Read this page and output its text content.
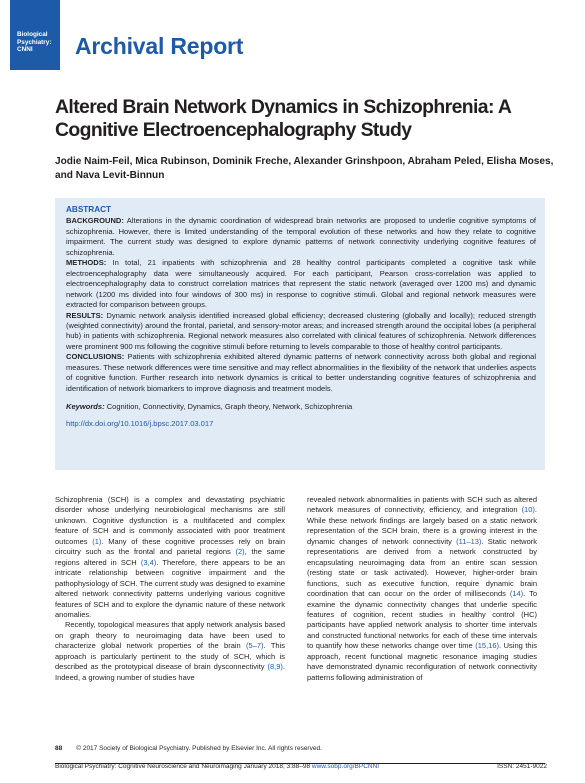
Biological
Psychiatry:
CNNI	Archival Report
Altered Brain Network Dynamics in Schizophrenia: A Cognitive Electroencephalography Study
Jodie Naim-Feil, Mica Rubinson, Dominik Freche, Alexander Grinshpoon, Abraham Peled, Elisha Moses, and Nava Levit-Binnun
ABSTRACT
BACKGROUND: Alterations in the dynamic coordination of widespread brain networks are proposed to underlie cognitive symptoms of schizophrenia. However, there is limited understanding of the temporal evolution of these networks and how they relate to cognitive impairment. The current study was designed to explore dynamic patterns of network connectivity underlying cognitive features of schizophrenia.
METHODS: In total, 21 inpatients with schizophrenia and 28 healthy control participants completed a cognitive task while electroencephalography data were simultaneously acquired. For each participant, Pearson cross-correlation was applied to electroencephalography data to construct correlation matrices that represent the static network (averaged over 1200 ms) and dynamic network (1200 ms divided into four windows of 300 ms) in response to cognitive stimuli. Global and regional network measures were extracted for comparison between groups.
RESULTS: Dynamic network analysis identified increased global efficiency; decreased clustering (globally and locally); reduced strength (weighted connectivity) around the frontal, parietal, and sensory-motor areas; and increased strength around the occipital lobes (a peripheral hub) in patients with schizophrenia. Regional network measures also correlated with clinical features of schizophrenia. Network differences were prominent 900 ms following the cognitive stimuli before returning to levels comparable to those of healthy control participants.
CONCLUSIONS: Patients with schizophrenia exhibited altered dynamic patterns of network connectivity across both global and regional measures. These network differences were time sensitive and may reflect abnormalities in the flexibility of the network that underlies aspects of cognitive function. Further research into network dynamics is critical to better understanding cognitive features of schizophrenia and identification of network biomarkers to improve diagnosis and treatment models.
Keywords: Cognition, Connectivity, Dynamics, Graph theory, Network, Schizophrenia
http://dx.doi.org/10.1016/j.bpsc.2017.03.017

Schizophrenia (SCH) is a complex and devastating psychiatric disorder whose underlying neurobiological mechanisms are still unknown. Cognitive dysfunction is a multifaceted and complex feature of SCH and is commonly associated with poor treatment outcomes (1). Many of these cognitive processes rely on brain circuitry such as the frontal and parietal regions (2), the same regions altered in SCH (3,4). Therefore, there appears to be an intricate relationship between cognitive impairment and the pathophysiology of SCH. The current study was designed to examine altered network connectivity patterns underlying various cognitive features of SCH and to explore the dynamic nature of these network anomalies.

Recently, topological measures that apply network analysis based on graph theory to neuroimaging data have been used to characterize global network properties of the brain (5–7). This approach is particularly pertinent to the study of SCH, which is described as the prototypical disease of brain dysconnectivity (8,9). Indeed, a growing number of studies have

revealed network abnormalities in patients with SCH such as altered network measures of connectivity, efficiency, and integration (10). While these network findings are largely based on a static network representation of the SCH brain, there is a growing interest in the dynamic changes of network connectivity (11–13). Static network representations are derived from a network constructed by encapsulating neuroimaging data from an entire scan session (resting state or task activated). However, higher-order brain functions, such as executive function, require dynamic brain coordination that can occur on the order of milliseconds (14). To examine the dynamic connectivity changes that underlie specific features of cognition, recent studies in healthy control (HC) participants have applied network analysis to shorter time intervals and constructed functional networks for each of these time intervals to quantify how these networks change over time (15,16). Using this approach, recent functional magnetic resonance imaging studies have demonstrated dynamic reconfiguration of network connectivity patterns following administration of

88 © 2017 Society of Biological Psychiatry. Published by Elsevier Inc. All rights reserved.
Biological Psychiatry: Cognitive Neuroscience and Neuroimaging January 2018; 3:88–98 www.sobp.org/BPCNNI	ISSN: 2451-9022
